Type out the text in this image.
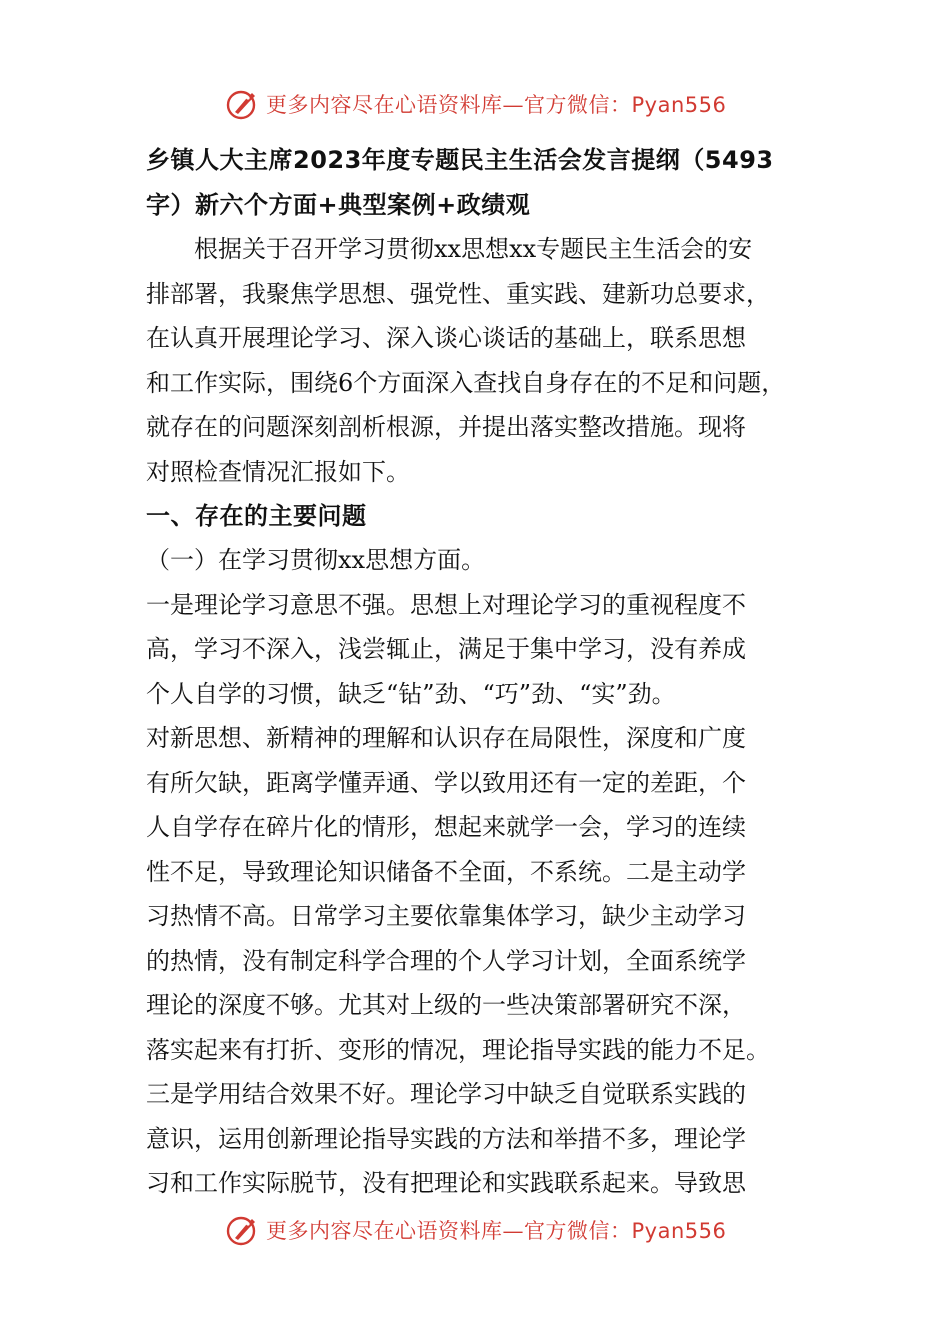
更多内容尽在心语资料库—官方微信：Pyan556
乡镇人大主席2023年度专题民主生活会发言提纲（5493
字）新六个方面+典型案例+政绩观
根据关于召开学习贯彻xx思想xx专题民主生活会的安
排部署，我聚焦学思想、强党性、重实践、建新功总要求，
在认真开展理论学习、深入谈心谈话的基础上，联系思想
和工作实际，围绕6个方面深入查找自身存在的不足和问题，
就存在的问题深刻剖析根源，并提出落实整改措施。现将
对照检查情况汇报如下。
一、存在的主要问题
（一）在学习贯彻xx思想方面。
一是理论学习意思不强。思想上对理论学习的重视程度不
高，学习不深入，浅尝辄止，满足于集中学习，没有养成
个人自学的习惯，缺乏“钻”劲、“巧”劲、“实”劲。
对新思想、新精神的理解和认识存在局限性，深度和广度
有所欠缺，距离学懂弄通、学以致用还有一定的差距，个
人自学存在碎片化的情形，想起来就学一会，学习的连续
性不足，导致理论知识储备不全面，不系统。二是主动学
习热情不高。日常学习主要依靠集体学习，缺少主动学习
的热情，没有制定科学合理的个人学习计划，全面系统学
理论的深度不够。尤其对上级的一些决策部署研究不深，
落实起来有打折、变形的情况，理论指导实践的能力不足。
三是学用结合效果不好。理论学习中缺乏自觉联系实践的
意识，运用创新理论指导实践的方法和举措不多，理论学
习和工作实际脱节，没有把理论和实践联系起来。导致思
更多内容尽在心语资料库—官方微信：Pyan556
